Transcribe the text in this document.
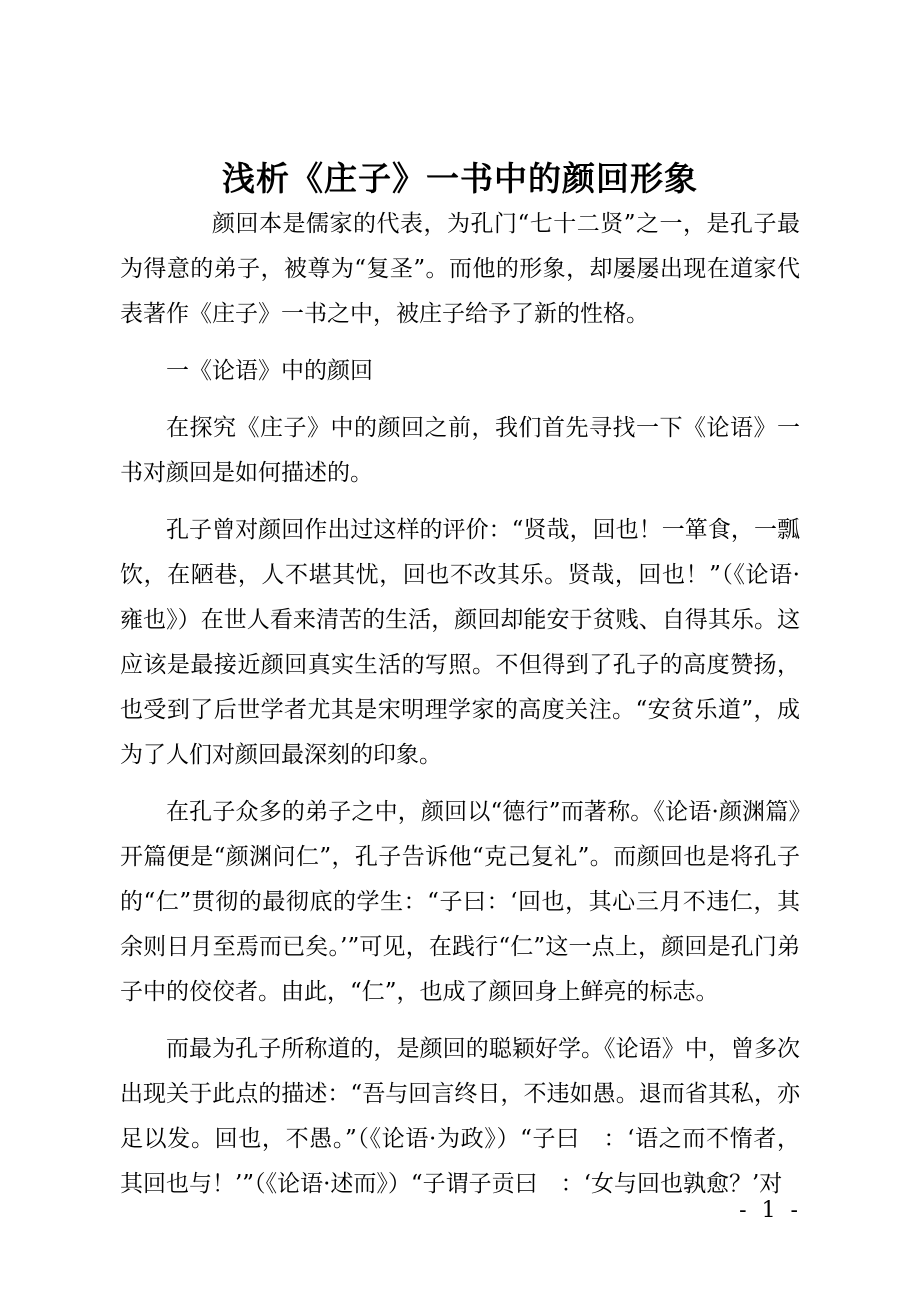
浅析《庄子》一书中的颜回形象

颜回本是儒家的代表，为孔门“七十二贤”之一，是孔子最为得意的弟子，被尊为“复圣”。而他的形象，却屡屡出现在道家代表著作《庄子》一书之中，被庄子给予了新的性格。

一《论语》中的颜回

在探究《庄子》中的颜回之前，我们首先寻找一下《论语》一书对颜回是如何描述的。

孔子曾对颜回作出过这样的评价：“贤哉，回也！一箪食，一瓢饮，在陋巷，人不堪其忧，回也不改其乐。贤哉，回也！”（《论语·雍也》）在世人看来清苦的生活，颜回却能安于贫贱、自得其乐。这应该是最接近颜回真实生活的写照。不但得到了孔子的高度赞扬，也受到了后世学者尤其是宋明理学家的高度关注。“安贫乐道”，成为了人们对颜回最深刻的印象。

在孔子众多的弟子之中，颜回以“德行”而著称。《论语·颜渊篇》开篇便是“颜渊问仁”，孔子告诉他“克己复礼”。而颜回也是将孔子的“仁”贯彻的最彻底的学生：“子曰：‘回也，其心三月不违仁，其余则日月至焉而已矣。’”可见，在践行“仁”这一点上，颜回是孔门弟子中的佼佼者。由此，“仁”，也成了颜回身上鲜亮的标志。

而最为孔子所称道的，是颜回的聪颖好学。《论语》中，曾多次出现关于此点的描述：“吾与回言终日，不违如愚。退而省其私，亦足以发。回也，不愚。”（《论语·为政》）“子曰　：‘语之而不惰者，其回也与！’”（《论语·述而》）“子谓子贡曰　：‘女与回也孰愈？’对

- 1 -
